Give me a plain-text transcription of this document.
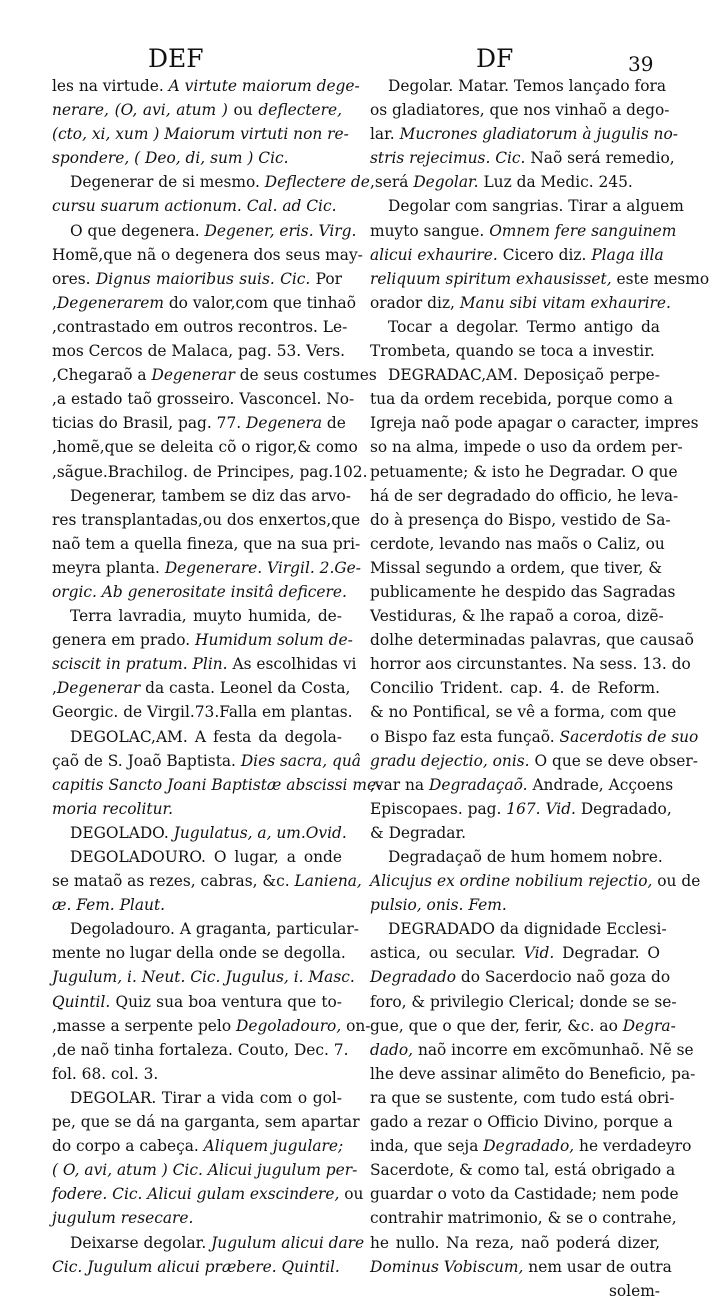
DEF	DF	39
les na virtude. A virtute maiorum dege-
nerare, (O, avi, atum ) ou deflectere,
(cto, xi, xum ) Maiorum virtuti non re-
spondere, ( Deo, di, sum ) Cic.
Degenerar de si mesmo. Deflectere de
cursu suarum actionum. Cal. ad Cic.
O que degenera. Degener, eris. Virg.
Homẽ,que nã o degenera dos seus may-
ores. Dignus maioribus suis. Cic. Por
,Degenerarem do valor,com que tinhaõ
,contrastado em outros recontros. Le-
mos Cercos de Malaca, pag. 53. Vers.
,Chegaraõ a Degenerar de seus costumes
,a estado taõ grosseiro. Vasconcel. No-
ticias do Brasil, pag. 77. Degenera de
,homẽ,que se deleita cõ o rigor,& como
,sãgue.Brachilog. de Principes, pag.102.
Degenerar, tambem se diz das arvo-
res transplantadas,ou dos enxertos,que
naõ tem a quella fineza, que na sua pri-
meyra planta. Degenerare. Virgil. 2.Ge-
orgic. Ab generositate insitâ deficere.
Terra lavradia, muyto humida, de-
genera em prado. Humidum solum de-
sciscit in pratum. Plin. As escolhidas vi
,Degenerar da casta. Leonel da Costa,
Georgic. de Virgil.73.Falla em plantas.
DEGOLAC,AM. A festa da degola-
çaõ de S. Joaõ Baptista. Dies sacra, quâ
capitis Sancto Joani Baptistæ abscissi me-
moria recolitur.
DEGOLADO. Jugulatus, a, um.Ovid.
DEGOLADOURO. O lugar, a onde
se mataõ as rezes, cabras, &c. Laniena,
æ. Fem. Plaut.
Degoladouro. A graganta, particular-
mente no lugar della onde se degolla.
Jugulum, i. Neut. Cic. Jugulus, i. Masc.
Quintil. Quiz sua boa ventura que to-
,masse a serpente pelo Degoladouro, on-
,de naõ tinha fortaleza. Couto, Dec. 7.
fol. 68. col. 3.
DEGOLAR. Tirar a vida com o gol-
pe, que se dá na garganta, sem apartar
do corpo a cabeça. Aliquem jugulare;
( O, avi, atum ) Cic. Alicui jugulum per-
fodere. Cic. Alicui gulam exscindere, ou
jugulum resecare.
Deixarse degolar. Jugulum alicui dare
Cic. Jugulum alicui præbere. Quintil.
Degolar. Matar. Temos lançado fora
os gladiatores, que nos vinhaõ a dego-
lar. Mucrones gladiatorum à jugulis no-
stris rejecimus. Cic. Naõ será remedio,
,será Degolar. Luz da Medic. 245.
Degolar com sangrias. Tirar a alguem
muyto sangue. Omnem fere sanguinem
alicui exhaurire. Cicero diz. Plaga illa
reliquum spiritum exhausisset, este mesmo
orador diz, Manu sibi vitam exhaurire.
Tocar a degolar. Termo antigo da
Trombeta, quando se toca a investir.
DEGRADAC,AM. Deposiçaõ perpe-
tua da ordem recebida, porque como a
Igreja naõ pode apagar o caracter, impres
so na alma, impede o uso da ordem per-
petuamente; & isto he Degradar. O que
há de ser degradado do officio, he leva-
do à presença do Bispo, vestido de Sa-
cerdote, levando nas maõs o Caliz, ou
Missal segundo a ordem, que tiver, &
publicamente he despido das Sagradas
Vestiduras, & lhe rapaõ a coroa, dizẽ-
dolhe determinadas palavras, que causaõ
horror aos circunstantes. Na sess. 13. do
Concilio Trident. cap. 4. de Reform.
& no Pontifical, se vê a forma, com que
o Bispo faz esta funçaõ. Sacerdotis de suo
gradu dejectio, onis. O que se deve obser-
,var na Degradaçaõ. Andrade, Acçoens
Episcopaes. pag. 167. Vid. Degradado,
& Degradar.
Degradaçaõ de hum homem nobre.
Alicujus ex ordine nobilium rejectio, ou de
pulsio, onis. Fem.
DEGRADADO da dignidade Ecclesi-
astica, ou secular. Vid. Degradar. O
Degradado do Sacerdocio naõ goza do
foro, & privilegio Clerical; donde se se-
gue, que o que der, ferir, &c. ao Degra-
dado, naõ incorre em excõmunhaõ. Nẽ se
lhe deve assinar alimẽto do Beneficio, pa-
ra que se sustente, com tudo está obri-
gado a rezar o Officio Divino, porque a
inda, que seja Degradado, he verdadeyro
Sacerdote, & como tal, está obrigado a
guardar o voto da Castidade; nem pode
contrahir matrimonio, & se o contrahe,
he nullo. Na reza, naõ poderá dizer,
Dominus Vobiscum, nem usar de outra
solem-
